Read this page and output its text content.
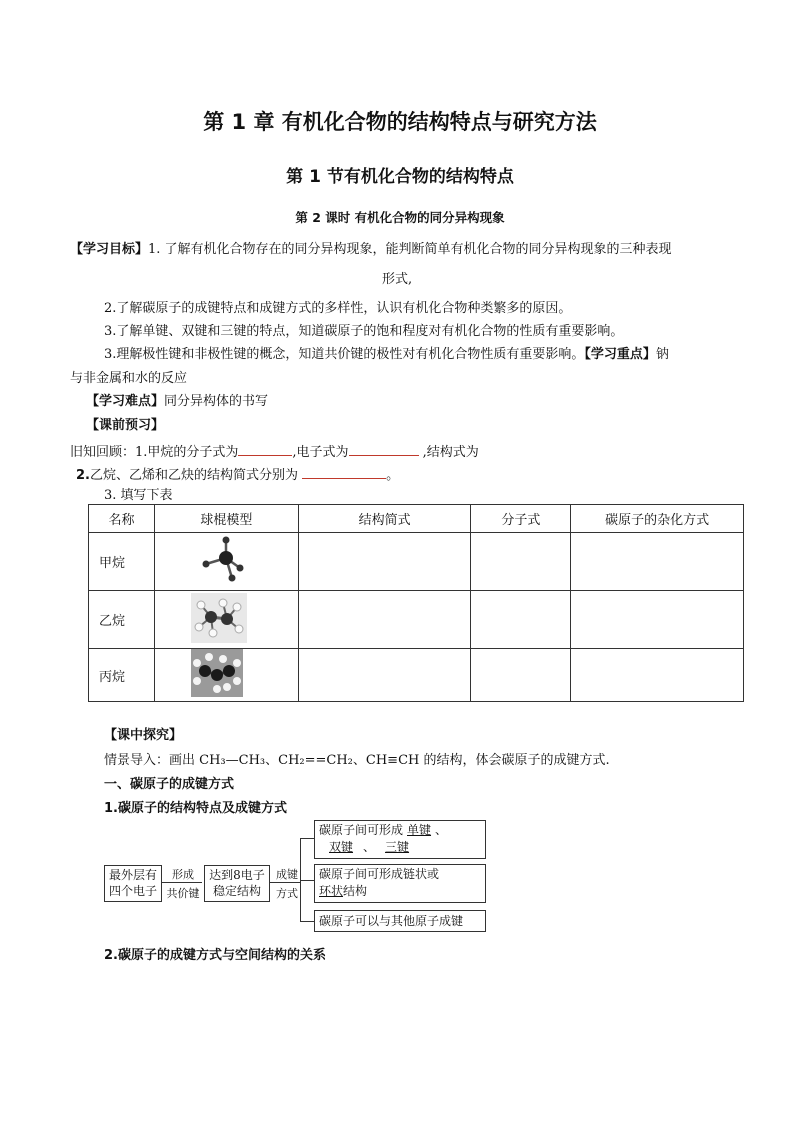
第 1 章 有机化合物的结构特点与研究方法
第 1 节有机化合物的结构特点
第 2 课时 有机化合物的同分异构现象
【学习目标】1. 了解有机化合物存在的同分异构现象，能判断简单有机化合物的同分异构现象的三种表现
形式,
2.了解碳原子的成键特点和成键方式的多样性，认识有机化合物种类繁多的原因。
3.了解单键、双键和三键的特点，知道碳原子的饱和程度对有机化合物的性质有重要影响。
3.理解极性键和非极性键的概念，知道共价键的极性对有机化合物性质有重要影响。【学习重点】钠
与非金属和水的反应
【学习难点】同分异构体的书写
【课前预习】
旧知回顾：1.甲烷的分子式为	,电子式为	,结构式为
2.乙烷、乙烯和乙炔的结构简式分别为	。
3. 填写下表
名称	球棍模型	结构简式	分子式	碳原子的杂化方式
甲烷				
乙烷				
丙烷				
【课中探究】
情景导入：画出 CH₃—CH₃、CH₂==CH₂、CH≡CH 的结构，体会碳原子的成键方式.
一、碳原子的成键方式
1.碳原子的结构特点及成键方式
最外层有四个电子
形成
共价键
达到8电子稳定结构
成键
方式
碳原子间可形成 单键 、
双键 、 三键
碳原子间可形成链状或
环状结构
碳原子可以与其他原子成键
2.碳原子的成键方式与空间结构的关系
